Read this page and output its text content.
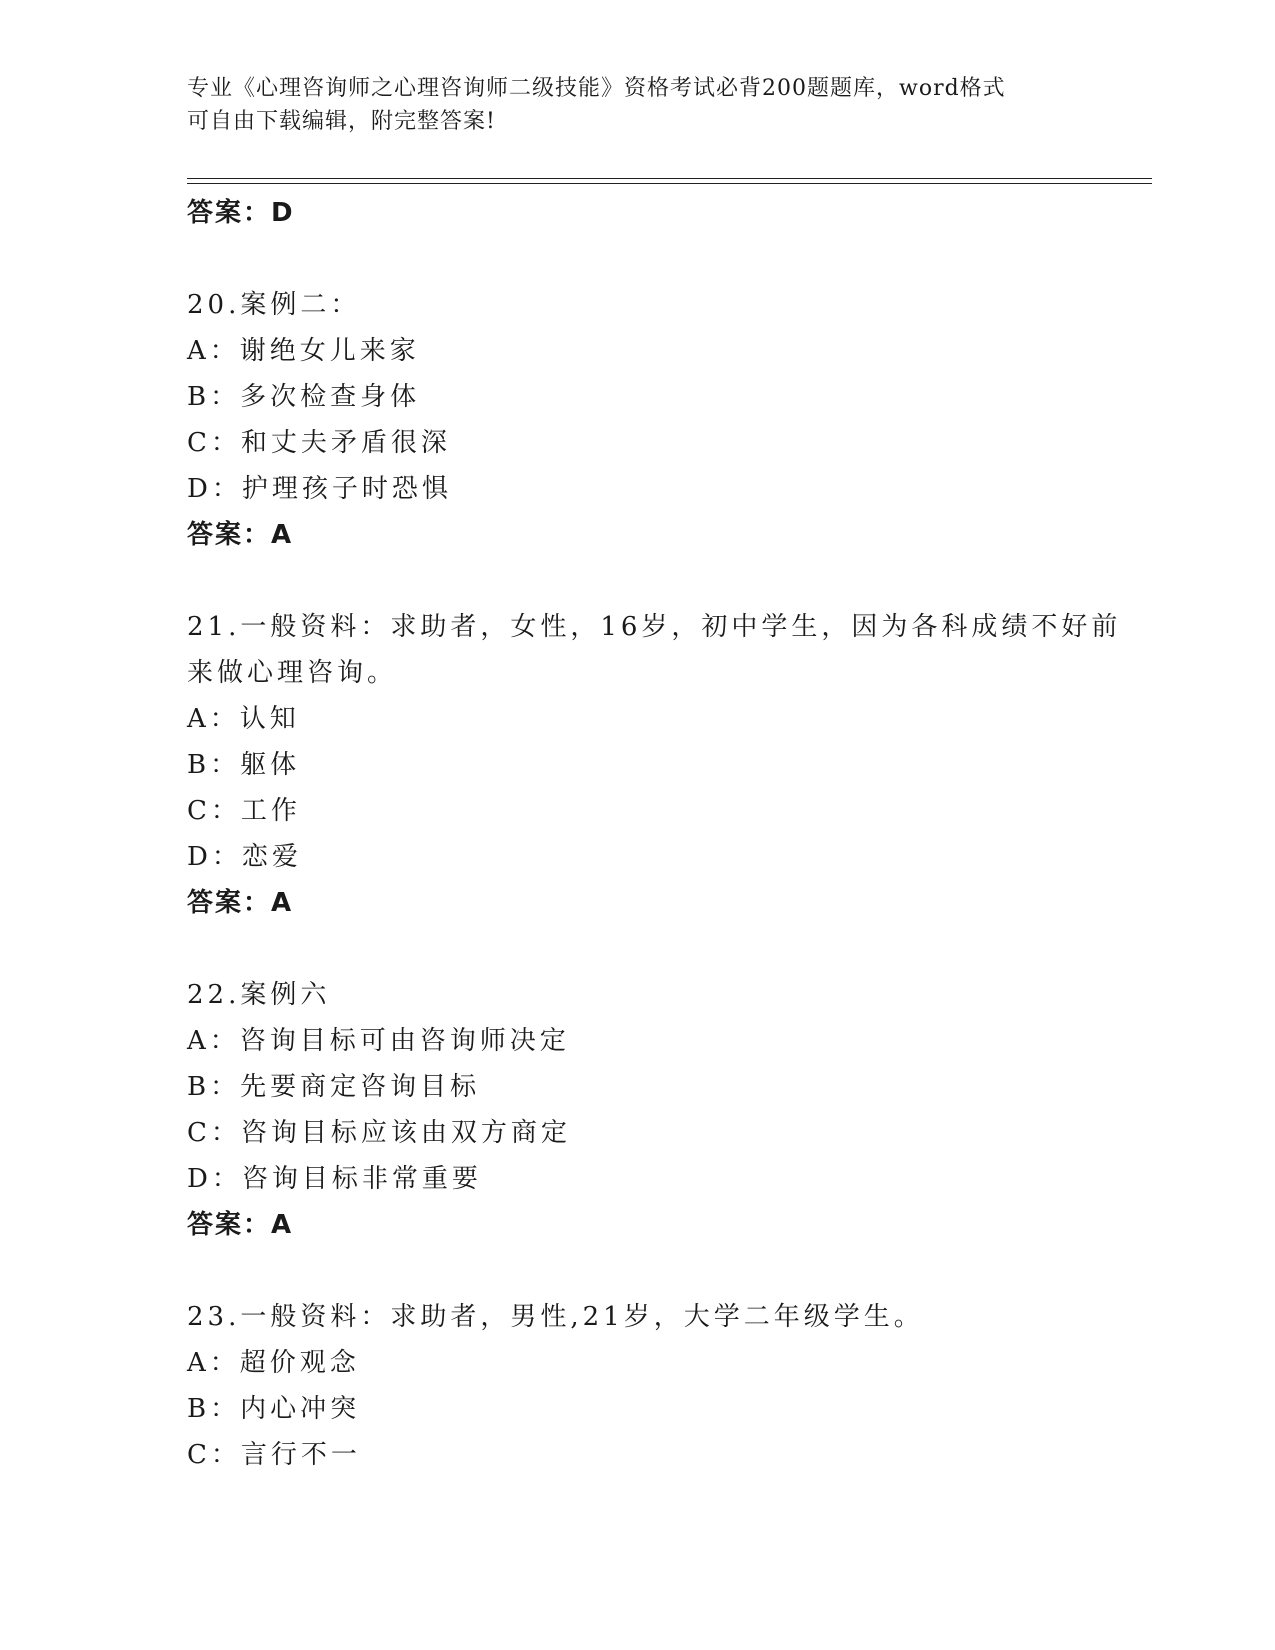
专业《心理咨询师之心理咨询师二级技能》资格考试必背200题题库，word格式
可自由下载编辑，附完整答案!
答案：D
20.案例二：
A：谢绝女儿来家
B：多次检查身体
C：和丈夫矛盾很深
D：护理孩子时恐惧
答案：A
21.一般资料：求助者，女性，16岁，初中学生，因为各科成绩不好前
来做心理咨询。
A：认知
B：躯体
C：工作
D：恋爱
答案：A
22.案例六
A：咨询目标可由咨询师决定
B：先要商定咨询目标
C：咨询目标应该由双方商定
D：咨询目标非常重要
答案：A
23.一般资料：求助者，男性,21岁，大学二年级学生。
A：超价观念
B：内心冲突
C：言行不一
